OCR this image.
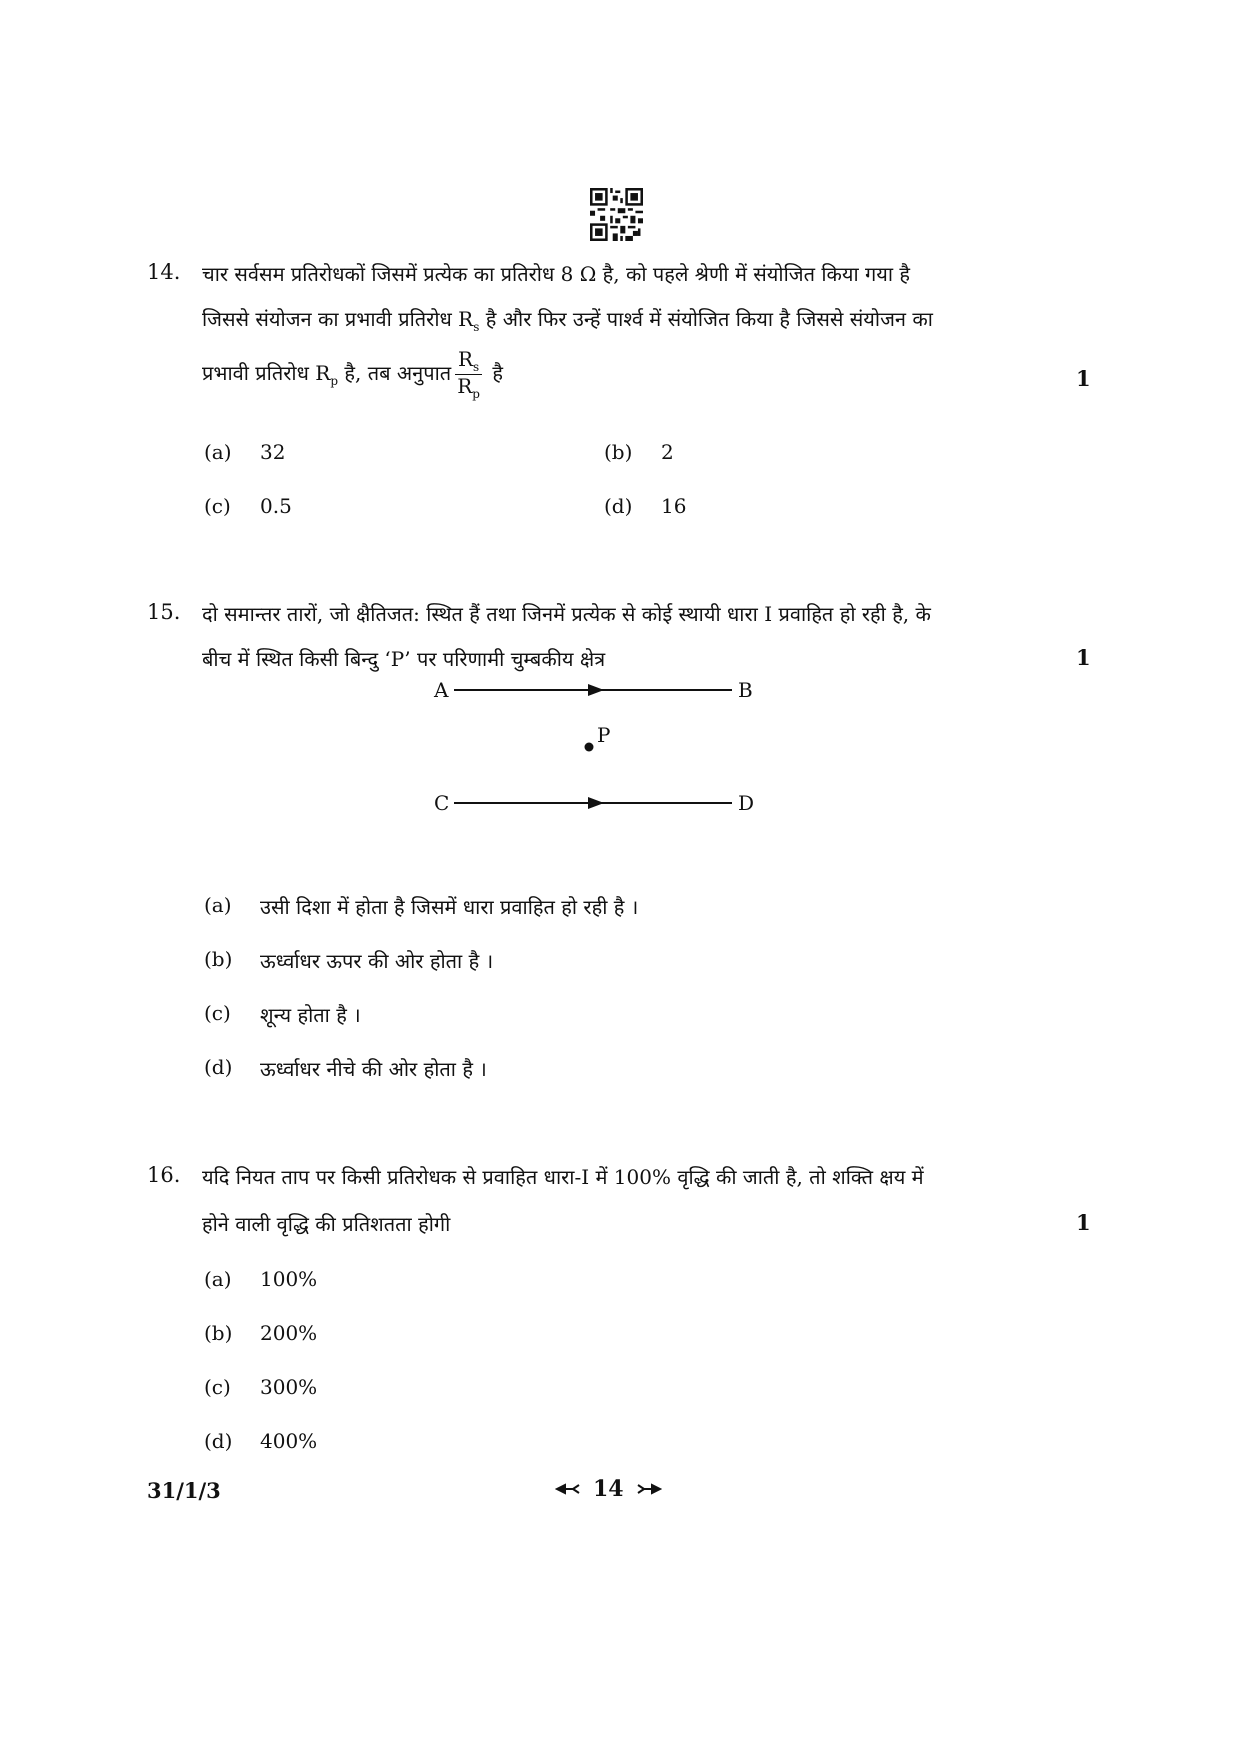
14. चार सर्वसम प्रतिरोधकों जिसमें प्रत्येक का प्रतिरोध 8 Ω है, को पहले श्रेणी में संयोजित किया गया है
जिससे संयोजन का प्रभावी प्रतिरोध $R_s$ है और फिर उन्हें पार्श्व में संयोजित किया है जिससे संयोजन का
प्रभावी प्रतिरोध $R_p$ है, तब अनुपात $\frac{R_s}{R_p}$ है	1
(a) 32	(b) 2
(c) 0.5	(d) 16
15. दो समान्तर तारों, जो क्षैतिजत: स्थित हैं तथा जिनमें प्रत्येक से कोई स्थायी धारा I प्रवाहित हो रही है, के
बीच में स्थित किसी बिन्दु ‘P’ पर परिणामी चुम्बकीय क्षेत्र	1
A	B
P
C	D
(a) उसी दिशा में होता है जिसमें धारा प्रवाहित हो रही है ।
(b) ऊर्ध्वाधर ऊपर की ओर होता है ।
(c) शून्य होता है ।
(d) ऊर्ध्वाधर नीचे की ओर होता है ।
16. यदि नियत ताप पर किसी प्रतिरोधक से प्रवाहित धारा-I में 100% वृद्धि की जाती है, तो शक्ति क्षय में
होने वाली वृद्धि की प्रतिशतता होगी	1
(a) 100%
(b) 200%
(c) 300%
(d) 400%
31/1/3	14
